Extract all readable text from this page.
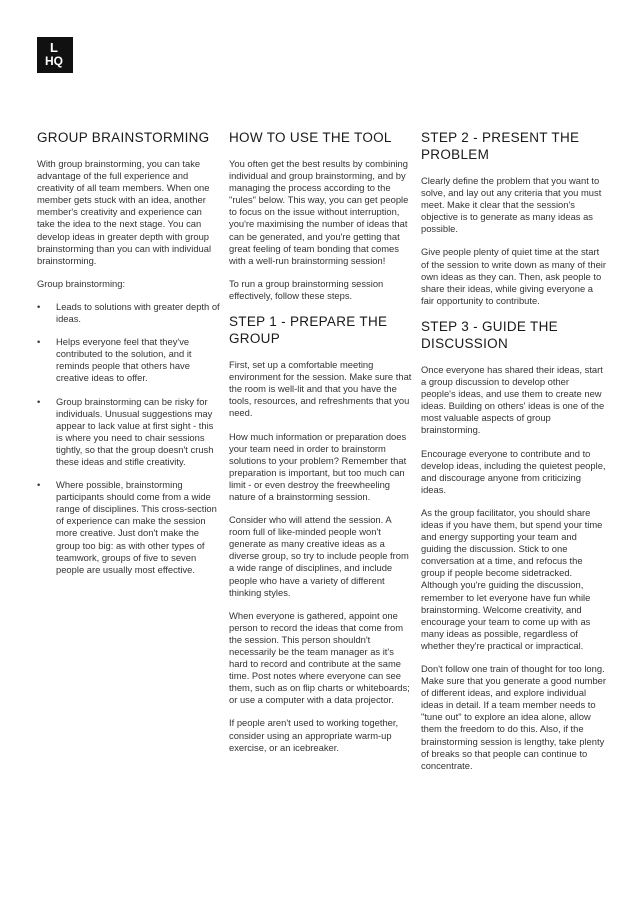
L
HQ
GROUP BRAINSTORMING

With group brainstorming, you can take advantage of the full experience and creativity of all team members. When one member gets stuck with an idea, another member's creativity and experience can take the idea to the next stage. You can develop ideas in greater depth with group brainstorming than you can with individual brainstorming.

Group brainstorming:

• Leads to solutions with greater depth of ideas.
• Helps everyone feel that they've contributed to the solution, and it reminds people that others have creative ideas to offer.
• Group brainstorming can be risky for individuals. Unusual suggestions may appear to lack value at first sight - this is where you need to chair sessions tightly, so that the group doesn't crush these ideas and stifle creativity.
• Where possible, brainstorming participants should come from a wide range of disciplines. This cross-section of experience can make the session more creative. Just don't make the group too big: as with other types of teamwork, groups of five to seven people are usually most effective.
HOW TO USE THE TOOL

You often get the best results by combining individual and group brainstorming, and by managing the process according to the "rules" below. This way, you can get people to focus on the issue without interruption, you're maximising the number of ideas that can be generated, and you're getting that great feeling of team bonding that comes with a well-run brainstorming session!

To run a group brainstorming session effectively, follow these steps.

STEP 1 - PREPARE THE GROUP

First, set up a comfortable meeting environment for the session. Make sure that the room is well-lit and that you have the tools, resources, and refreshments that you need.

How much information or preparation does your team need in order to brainstorm solutions to your problem? Remember that preparation is important, but too much can limit - or even destroy the freewheeling nature of a brainstorming session.

Consider who will attend the session. A room full of like-minded people won't generate as many creative ideas as a diverse group, so try to include people from a wide range of disciplines, and include people who have a variety of different thinking styles.

When everyone is gathered, appoint one person to record the ideas that come from the session. This person shouldn't necessarily be the team manager as it's hard to record and contribute at the same time. Post notes where everyone can see them, such as on flip charts or whiteboards; or use a computer with a data projector.

If people aren't used to working together, consider using an appropriate warm-up exercise, or an icebreaker.

STEP 2 - PRESENT THE PROBLEM

Clearly define the problem that you want to solve, and lay out any criteria that you must meet. Make it clear that the session's objective is to generate as many ideas as possible.

Give people plenty of quiet time at the start of the session to write down as many of their own ideas as they can. Then, ask people to share their ideas, while giving everyone a fair opportunity to contribute.

STEP 3 - GUIDE THE DISCUSSION

Once everyone has shared their ideas, start a group discussion to develop other people's ideas, and use them to create new ideas. Building on others' ideas is one of the most valuable aspects of group brainstorming.

Encourage everyone to contribute and to develop ideas, including the quietest people, and discourage anyone from criticizing ideas.

As the group facilitator, you should share ideas if you have them, but spend your time and energy supporting your team and guiding the discussion. Stick to one conversation at a time, and refocus the group if people become sidetracked. Although you're guiding the discussion, remember to let everyone have fun while brainstorming. Welcome creativity, and encourage your team to come up with as many ideas as possible, regardless of whether they're practical or impractical.

Don't follow one train of thought for too long. Make sure that you generate a good number of different ideas, and explore individual ideas in detail. If a team member needs to "tune out" to explore an idea alone, allow them the freedom to do this. Also, if the brainstorming session is lengthy, take plenty of breaks so that people can continue to concentrate.
